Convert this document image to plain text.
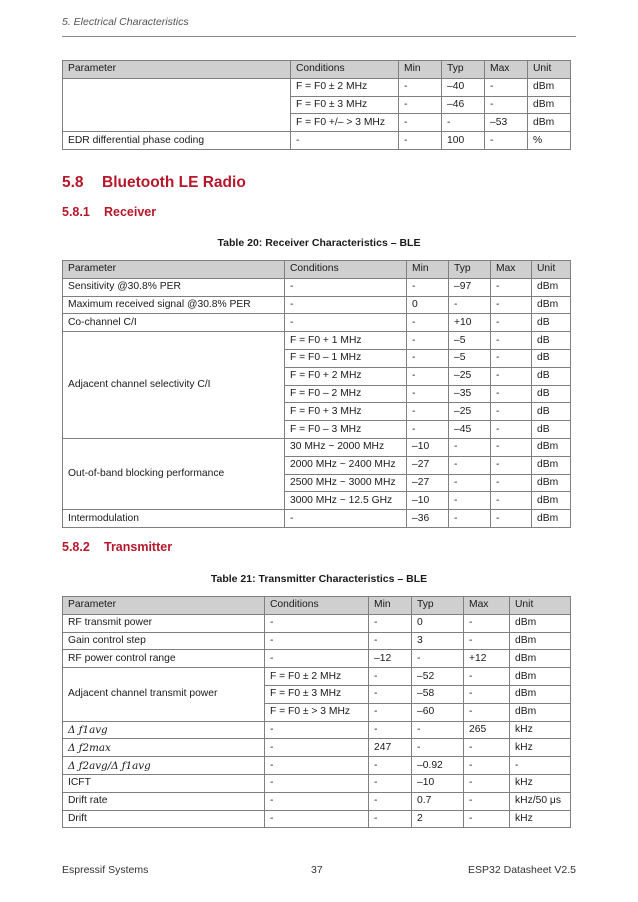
5. Electrical Characteristics
Parameter	Conditions	Min	Typ	Max	Unit
	F = F0 ± 2 MHz	-	–40	-	dBm
	F = F0 ± 3 MHz	-	–46	-	dBm
	F = F0 +/– > 3 MHz	-	-	–53	dBm
EDR differential phase coding	-	-	100	-	%
5.8 Bluetooth LE Radio
5.8.1 Receiver
Table 20: Receiver Characteristics – BLE
Parameter	Conditions	Min	Typ	Max	Unit
Sensitivity @30.8% PER	-	-	–97	-	dBm
Maximum received signal @30.8% PER	-	0	-	-	dBm
Co-channel C/I	-	-	+10	-	dB
Adjacent channel selectivity C/I	F = F0 + 1 MHz	-	–5	-	dB
	F = F0 – 1 MHz	-	–5	-	dB
	F = F0 + 2 MHz	-	–25	-	dB
	F = F0 – 2 MHz	-	–35	-	dB
	F = F0 + 3 MHz	-	–25	-	dB
	F = F0 – 3 MHz	-	–45	-	dB
Out-of-band blocking performance	30 MHz ~ 2000 MHz	–10	-	-	dBm
	2000 MHz ~ 2400 MHz	–27	-	-	dBm
	2500 MHz ~ 3000 MHz	–27	-	-	dBm
	3000 MHz ~ 12.5 GHz	–10	-	-	dBm
Intermodulation	-	–36	-	-	dBm
5.8.2 Transmitter
Table 21: Transmitter Characteristics – BLE
Parameter	Conditions	Min	Typ	Max	Unit
RF transmit power	-	-	0	-	dBm
Gain control step	-	-	3	-	dBm
RF power control range	-	–12	-	+12	dBm
Adjacent channel transmit power	F = F0 ± 2 MHz	-	–52	-	dBm
	F = F0 ± 3 MHz	-	–58	-	dBm
	F = F0 ± > 3 MHz	-	–60	-	dBm
Δ ƒ1avg	-	-	-	265	kHz
Δ ƒ2max	-	247	-	-	kHz
Δ ƒ2avg/Δ ƒ1avg	-	-	–0.92	-	-
ICFT	-	-	–10	-	kHz
Drift rate	-	-	0.7	-	kHz/50 μs
Drift	-	-	2	-	kHz
Espressif Systems	37	ESP32 Datasheet V2.5
